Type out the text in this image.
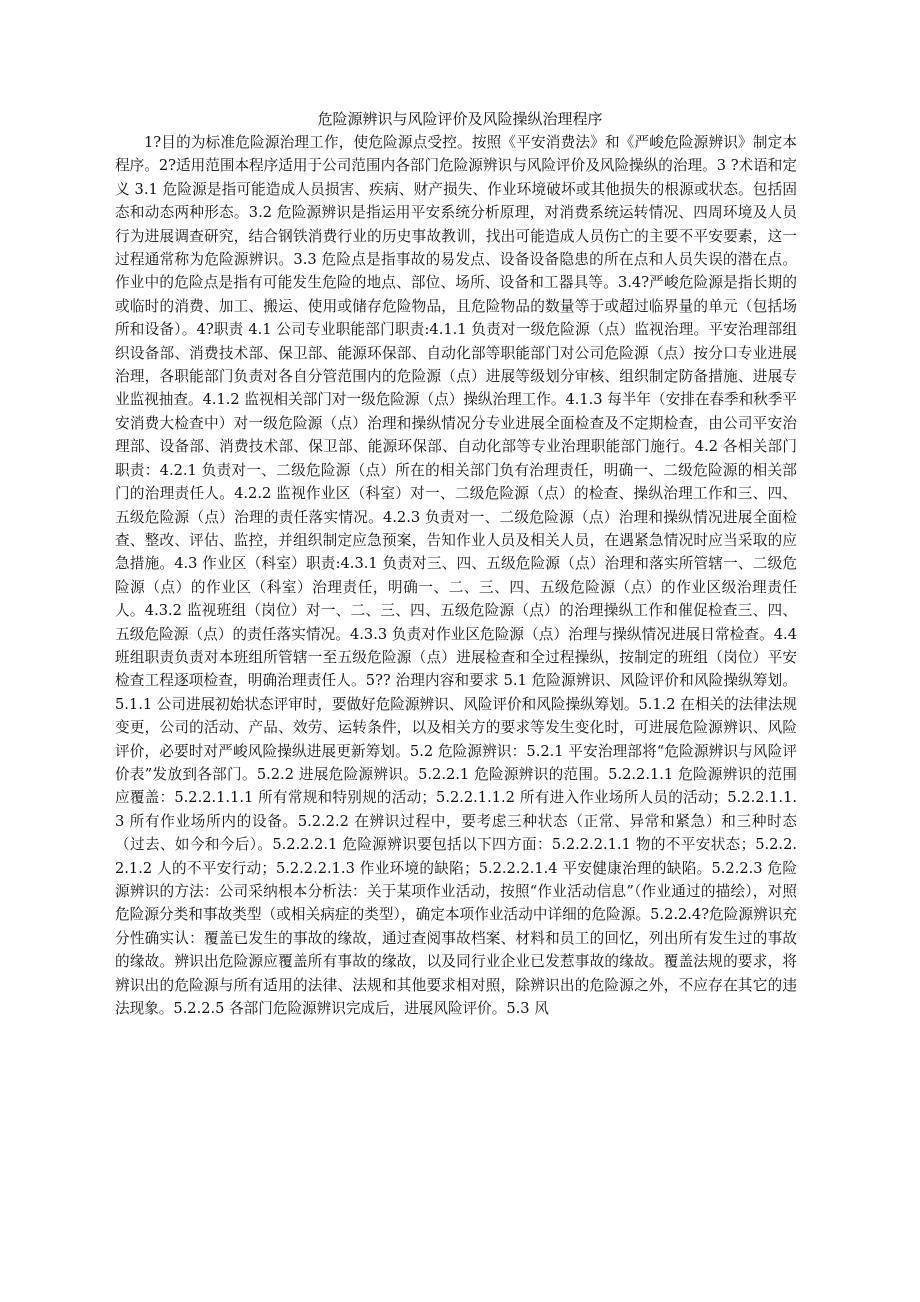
危险源辨识与风险评价及风险操纵治理程序

1?目的为标准危险源治理工作，使危险源点受控。按照《平安消费法》和《严峻危险源辨识》制定本程序。2?适用范围本程序适用于公司范围内各部门危险源辨识与风险评价及风险操纵的治理。3 ?术语和定义 3.1 危险源是指可能造成人员损害、疾病、财产损失、作业环境破坏或其他损失的根源或状态。包括固态和动态两种形态。3.2 危险源辨识是指运用平安系统分析原理，对消费系统运转情况、四周环境及人员行为进展调查研究，结合钢铁消费行业的历史事故教训，找出可能造成人员伤亡的主要不平安要素，这一过程通常称为危险源辨识。3.3 危险点是指事故的易发点、设备设备隐患的所在点和人员失误的潜在点。作业中的危险点是指有可能发生危险的地点、部位、场所、设备和工器具等。3.4?严峻危险源是指长期的或临时的消费、加工、搬运、使用或储存危险物品，且危险物品的数量等于或超过临界量的单元（包括场所和设备）。4?职责 4.1 公司专业职能部门职责:4.1.1 负责对一级危险源（点）监视治理。平安治理部组织设备部、消费技术部、保卫部、能源环保部、自动化部等职能部门对公司危险源（点）按分口专业进展治理，各职能部门负责对各自分管范围内的危险源（点）进展等级划分审核、组织制定防备措施、进展专业监视抽查。4.1.2 监视相关部门对一级危险源（点）操纵治理工作。4.1.3 每半年（安排在春季和秋季平安消费大检查中）对一级危险源（点）治理和操纵情况分专业进展全面检查及不定期检查，由公司平安治理部、设备部、消费技术部、保卫部、能源环保部、自动化部等专业治理职能部门施行。4.2 各相关部门职责：4.2.1 负责对一、二级危险源（点）所在的相关部门负有治理责任，明确一、二级危险源的相关部门的治理责任人。4.2.2 监视作业区（科室）对一、二级危险源（点）的检查、操纵治理工作和三、四、五级危险源（点）治理的责任落实情况。4.2.3 负责对一、二级危险源（点）治理和操纵情况进展全面检查、整改、评估、监控，并组织制定应急预案，告知作业人员及相关人员，在遇紧急情况时应当采取的应急措施。4.3 作业区（科室）职责:4.3.1 负责对三、四、五级危险源（点）治理和落实所管辖一、二级危险源（点）的作业区（科室）治理责任，明确一、二、三、四、五级危险源（点）的作业区级治理责任人。4.3.2 监视班组（岗位）对一、二、三、四、五级危险源（点）的治理操纵工作和催促检查三、四、五级危险源（点）的责任落实情况。4.3.3 负责对作业区危险源（点）治理与操纵情况进展日常检查。4.4 班组职责负责对本班组所管辖一至五级危险源（点）进展检查和全过程操纵，按制定的班组（岗位）平安检查工程逐项检查，明确治理责任人。5?? 治理内容和要求 5.1 危险源辨识、风险评价和风险操纵筹划。5.1.1 公司进展初始状态评审时，要做好危险源辨识、风险评价和风险操纵筹划。5.1.2 在相关的法律法规变更，公司的活动、产品、效劳、运转条件，以及相关方的要求等发生变化时，可进展危险源辨识、风险评价，必要时对严峻风险操纵进展更新筹划。5.2 危险源辨识：5.2.1 平安治理部将“危险源辨识与风险评价表”发放到各部门。5.2.2 进展危险源辨识。5.2.2.1 危险源辨识的范围。5.2.2.1.1 危险源辨识的范围应覆盖：5.2.2.1.1.1 所有常规和特别规的活动；5.2.2.1.1.2 所有进入作业场所人员的活动；5.2.2.1.1.3 所有作业场所内的设备。5.2.2.2 在辨识过程中，要考虑三种状态（正常、异常和紧急）和三种时态（过去、如今和今后）。5.2.2.2.1 危险源辨识要包括以下四方面：5.2.2.2.1.1 物的不平安状态；5.2.2.2.1.2 人的不平安行动；5.2.2.2.1.3 作业环境的缺陷；5.2.2.2.1.4 平安健康治理的缺陷。5.2.2.3 危险源辨识的方法：公司采纳根本分析法：关于某项作业活动，按照“作业活动信息”（作业通过的描绘），对照危险源分类和事故类型（或相关病症的类型），确定本项作业活动中详细的危险源。5.2.2.4?危险源辨识充分性确实认：覆盖已发生的事故的缘故，通过查阅事故档案、材料和员工的回忆，列出所有发生过的事故的缘故。辨识出危险源应覆盖所有事故的缘故，以及同行业企业已发惹事故的缘故。覆盖法规的要求，将辨识出的危险源与所有适用的法律、法规和其他要求相对照，除辨识出的危险源之外，不应存在其它的违法现象。5.2.2.5 各部门危险源辨识完成后，进展风险评价。5.3 风
